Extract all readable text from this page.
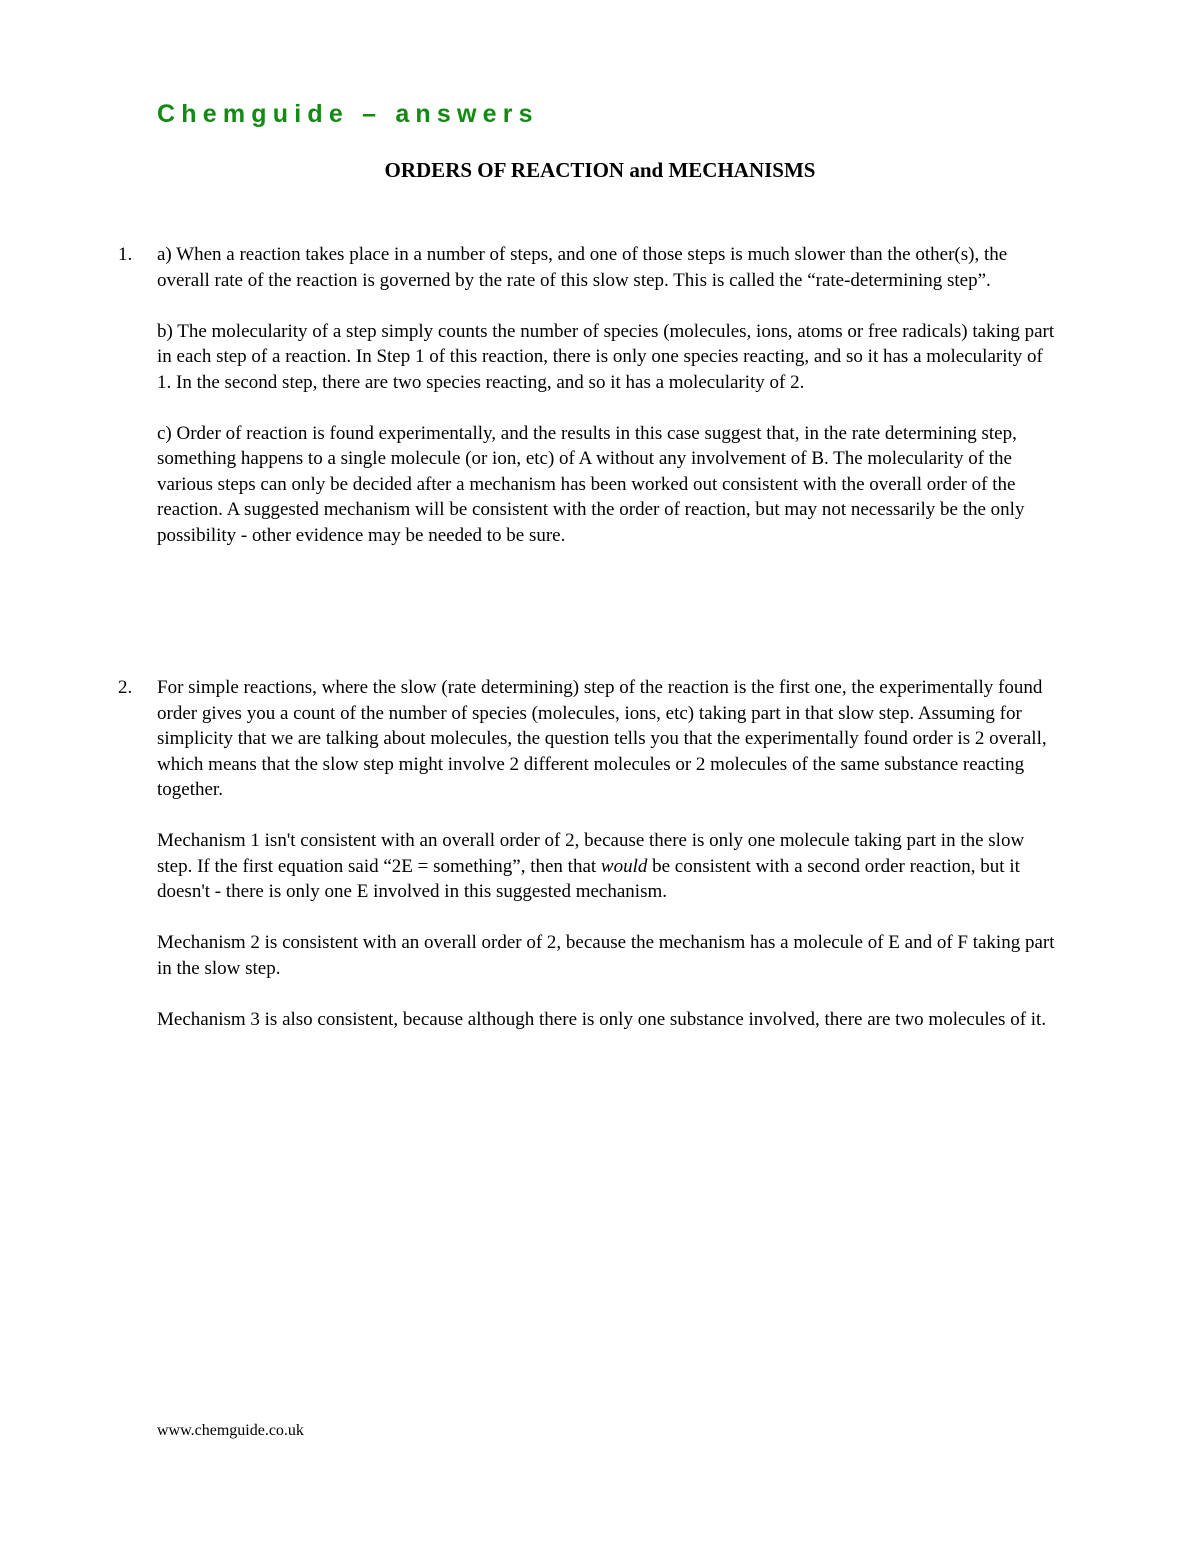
Chemguide – answers
ORDERS OF REACTION and MECHANISMS
1. a) When a reaction takes place in a number of steps, and one of those steps is much slower than the other(s), the overall rate of the reaction is governed by the rate of this slow step. This is called the “rate-determining step”.

b) The molecularity of a step simply counts the number of species (molecules, ions, atoms or free radicals) taking part in each step of a reaction. In Step 1 of this reaction, there is only one species reacting, and so it has a molecularity of 1. In the second step, there are two species reacting, and so it has a molecularity of 2.

c) Order of reaction is found experimentally, and the results in this case suggest that, in the rate determining step, something happens to a single molecule (or ion, etc) of A without any involvement of B. The molecularity of the various steps can only be decided after a mechanism has been worked out consistent with the overall order of the reaction. A suggested mechanism will be consistent with the order of reaction, but may not necessarily be the only possibility - other evidence may be needed to be sure.

2. For simple reactions, where the slow (rate determining) step of the reaction is the first one, the experimentally found order gives you a count of the number of species (molecules, ions, etc) taking part in that slow step. Assuming for simplicity that we are talking about molecules, the question tells you that the experimentally found order is 2 overall, which means that the slow step might involve 2 different molecules or 2 molecules of the same substance reacting together.

Mechanism 1 isn't consistent with an overall order of 2, because there is only one molecule taking part in the slow step. If the first equation said “2E = something”, then that would be consistent with a second order reaction, but it doesn't - there is only one E involved in this suggested mechanism.

Mechanism 2 is consistent with an overall order of 2, because the mechanism has a molecule of E and of F taking part in the slow step.

Mechanism 3 is also consistent, because although there is only one substance involved, there are two molecules of it.

www.chemguide.co.uk
